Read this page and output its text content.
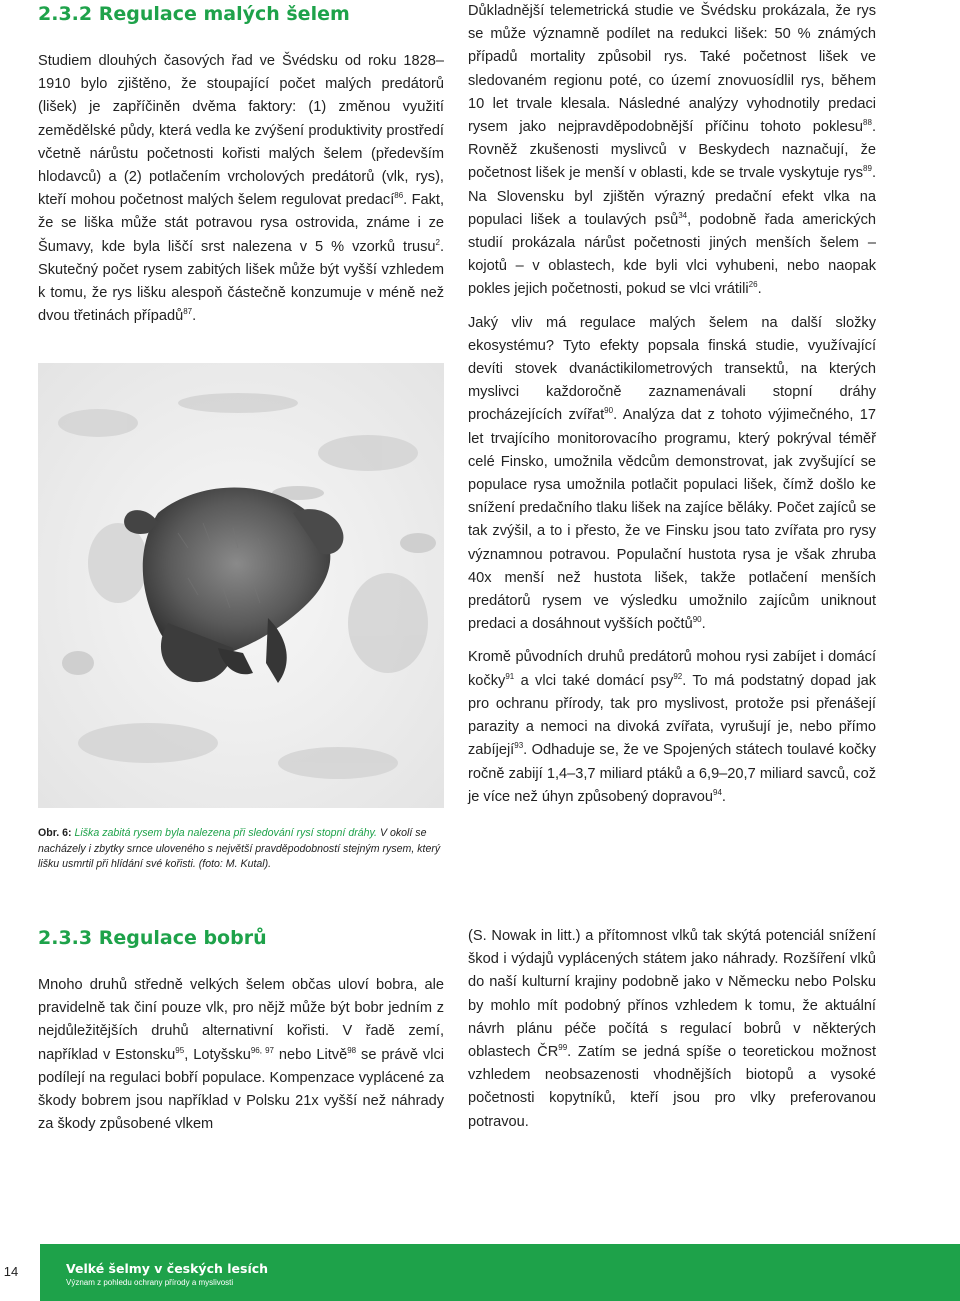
2.3.2 Regulace malých šelem

Studiem dlouhých časových řad ve Švédsku od roku 1828–1910 bylo zjištěno, že stoupající počet malých predátorů (lišek) je zapříčiněn dvěma faktory: (1) změnou využití zemědělské půdy, která vedla ke zvýšení produktivity prostředí včetně nárůstu početnosti kořisti malých šelem (především hlodavců) a (2) potlačením vrcholových predátorů (vlk, rys), kteří mohou početnost malých šelem regulovat predací$^{86}$. Fakt, že se liška může stát potravou rysa ostrovida, známe i ze Šumavy, kde byla liščí srst nalezena v 5 % vzorků trusu$^2$. Skutečný počet rysem zabitých lišek může být vyšší vzhledem k tomu, že rys lišku alespoň částečně konzumuje v méně než dvou třetinách případů$^{87}$.

Obr. 6: Liška zabitá rysem byla nalezena při sledování rysí stopní dráhy. V okolí se nacházely i zbytky srnce uloveného s největší pravděpodobností stejným rysem, který lišku usmrtil při hlídání své kořisti. (foto: M. Kutal).

Důkladnější telemetrická studie ve Švédsku prokázala, že rys se může významně podílet na redukci lišek: 50 % známých případů mortality způsobil rys. Také početnost lišek ve sledovaném regionu poté, co území znovuosídlil rys, během 10 let trvale klesala. Následné analýzy vyhodnotily predaci rysem jako nejpravděpodobnější příčinu tohoto poklesu$^{88}$. Rovněž zkušenosti myslivců v Beskydech naznačují, že početnost lišek je menší v oblasti, kde se trvale vyskytuje rys$^{89}$. Na Slovensku byl zjištěn výrazný predační efekt vlka na populaci lišek a toulavých psů$^{34}$, podobně řada amerických studií prokázala nárůst početnosti jiných menších šelem – kojotů – v oblastech, kde byli vlci vyhubeni, nebo naopak pokles jejich početnosti, pokud se vlci vrátili$^{26}$.

Jaký vliv má regulace malých šelem na další složky ekosystému? Tyto efekty popsala finská studie, využívající devíti stovek dvanáctikilometrových transektů, na kterých myslivci každoročně zaznamenávali stopní dráhy procházejících zvířat$^{90}$. Analýza dat z tohoto výjimečného, 17 let trvajícího monitorovacího programu, který pokrýval téměř celé Finsko, umožnila vědcům demonstrovat, jak zvyšující se populace rysa umožnila potlačit populaci lišek, čímž došlo ke snížení predačního tlaku lišek na zajíce běláky. Počet zajíců se tak zvýšil, a to i přesto, že ve Finsku jsou tato zvířata pro rysy významnou potravou. Populační hustota rysa je však zhruba 40x menší než hustota lišek, takže potlačení menších predátorů rysem ve výsledku umožnilo zajícům uniknout predaci a dosáhnout vyšších počtů$^{90}$.

Kromě původních druhů predátorů mohou rysi zabíjet i domácí kočky$^{91}$ a vlci také domácí psy$^{92}$. To má podstatný dopad jak pro ochranu přírody, tak pro myslivost, protože psi přenášejí parazity a nemoci na divoká zvířata, vyrušují je, nebo přímo zabíjejí$^{93}$. Odhaduje se, že ve Spojených státech toulavé kočky ročně zabijí 1,4–3,7 miliard ptáků a 6,9–20,7 miliard savců, což je více než úhyn způsobený dopravou$^{94}$.

2.3.3 Regulace bobrů

Mnoho druhů středně velkých šelem občas uloví bobra, ale pravidelně tak činí pouze vlk, pro nějž může být bobr jedním z nejdůležitějších druhů alternativní kořisti. V řadě zemí, například v Estonsku$^{95}$, Lotyšsku$^{96, 97}$ nebo Litvě$^{98}$ se právě vlci podílejí na regulaci bobří populace. Kompenzace vyplácené za škody bobrem jsou například v Polsku 21x vyšší než náhrady za škody způsobené vlkem

(S. Nowak in litt.) a přítomnost vlků tak skýtá potenciál snížení škod i výdajů vyplácených státem jako náhrady. Rozšíření vlků do naší kulturní krajiny podobně jako v Německu nebo Polsku by mohlo mít podobný přínos vzhledem k tomu, že aktuální návrh plánu péče počítá s regulací bobrů v některých oblastech ČR$^{99}$. Zatím se jedná spíše o teoretickou možnost vzhledem neobsazenosti vhodnějších biotopů a vysoké početnosti kopytníků, kteří jsou pro vlky preferovanou potravou.

14	Velké šelmy v českých lesích
Význam z pohledu ochrany přírody a myslivosti
